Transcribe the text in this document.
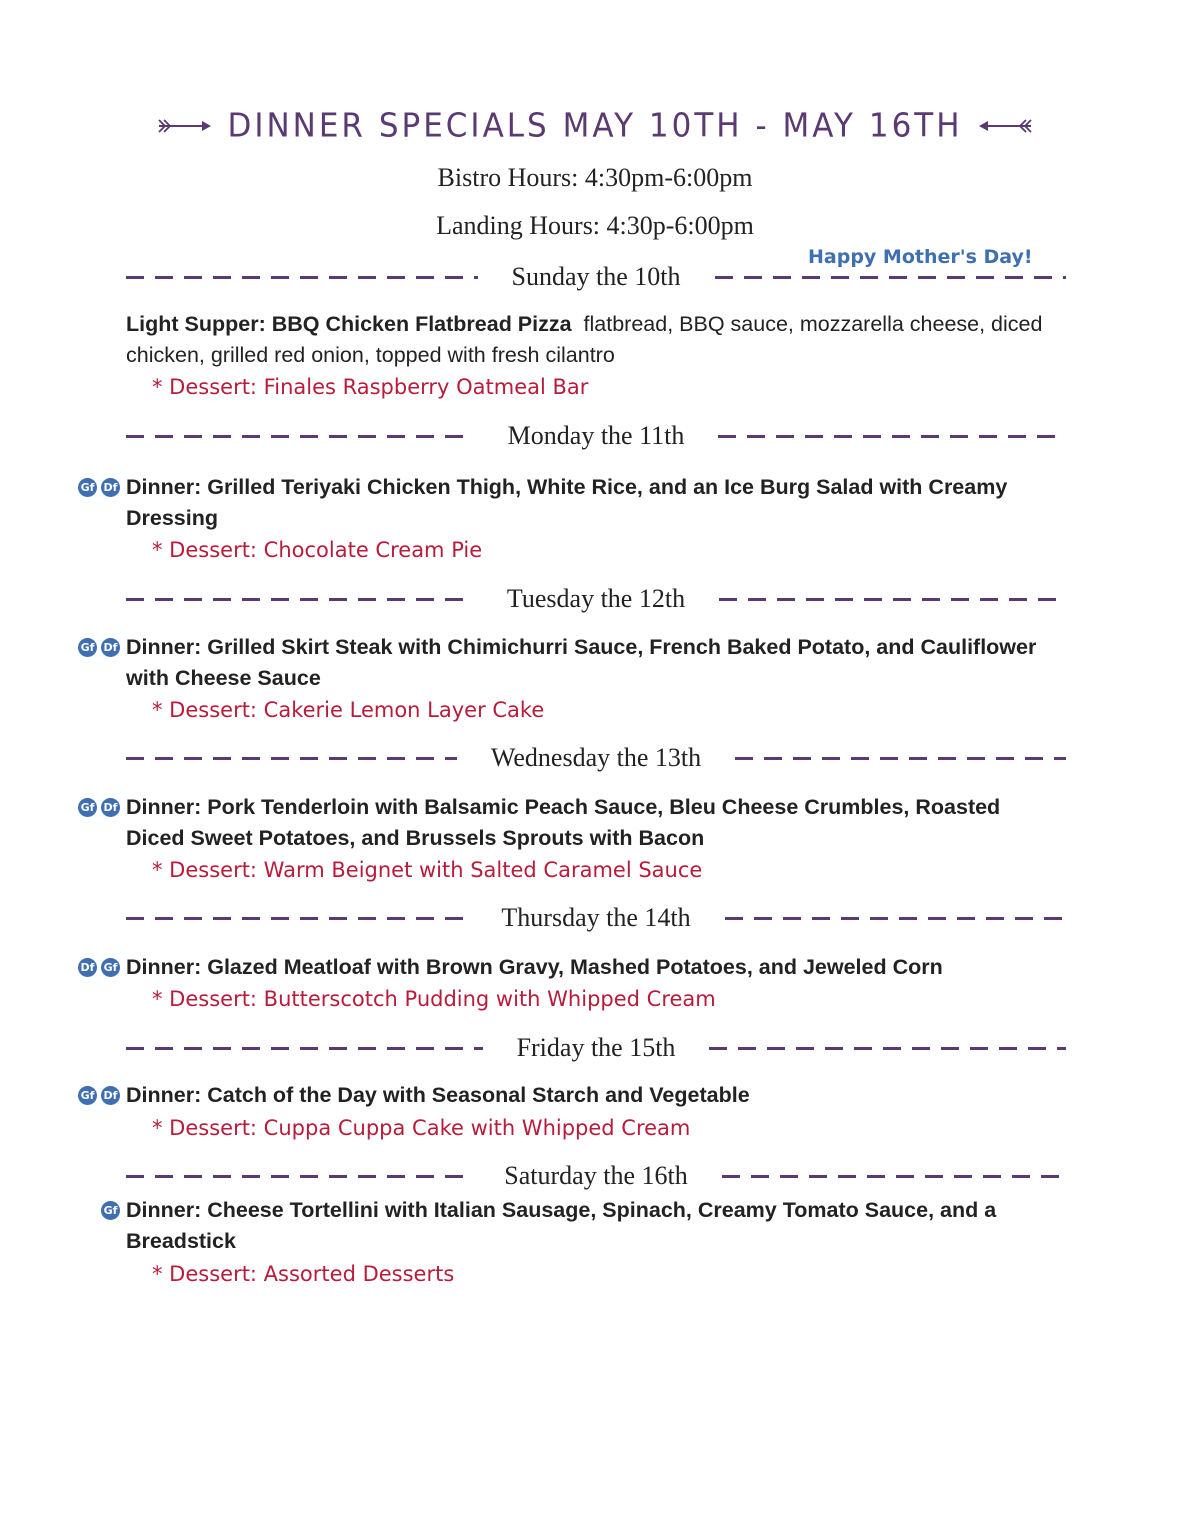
DINNER SPECIALS MAY 10TH - MAY 16TH
Bistro Hours: 4:30pm-6:00pm
Landing Hours: 4:30p-6:00pm
Happy Mother's Day!
Sunday the 10th
Light Supper: BBQ Chicken Flatbread Pizza flatbread, BBQ sauce, mozzarella cheese, diced chicken, grilled red onion, topped with fresh cilantro
* Dessert: Finales Raspberry Oatmeal Bar
Monday the 11th
Gf Df Dinner: Grilled Teriyaki Chicken Thigh, White Rice, and an Ice Burg Salad with Creamy Dressing
* Dessert: Chocolate Cream Pie
Tuesday the 12th
Gf Df Dinner: Grilled Skirt Steak with Chimichurri Sauce, French Baked Potato, and Cauliflower with Cheese Sauce
* Dessert: Cakerie Lemon Layer Cake
Wednesday the 13th
Gf Df Dinner: Pork Tenderloin with Balsamic Peach Sauce, Bleu Cheese Crumbles, Roasted Diced Sweet Potatoes, and Brussels Sprouts with Bacon
* Dessert: Warm Beignet with Salted Caramel Sauce
Thursday the 14th
Df Gf Dinner: Glazed Meatloaf with Brown Gravy, Mashed Potatoes, and Jeweled Corn
* Dessert: Butterscotch Pudding with Whipped Cream
Friday the 15th
Gf Df Dinner: Catch of the Day with Seasonal Starch and Vegetable
* Dessert: Cuppa Cuppa Cake with Whipped Cream
Saturday the 16th
Gf Dinner: Cheese Tortellini with Italian Sausage, Spinach, Creamy Tomato Sauce, and a Breadstick
* Dessert: Assorted Desserts
